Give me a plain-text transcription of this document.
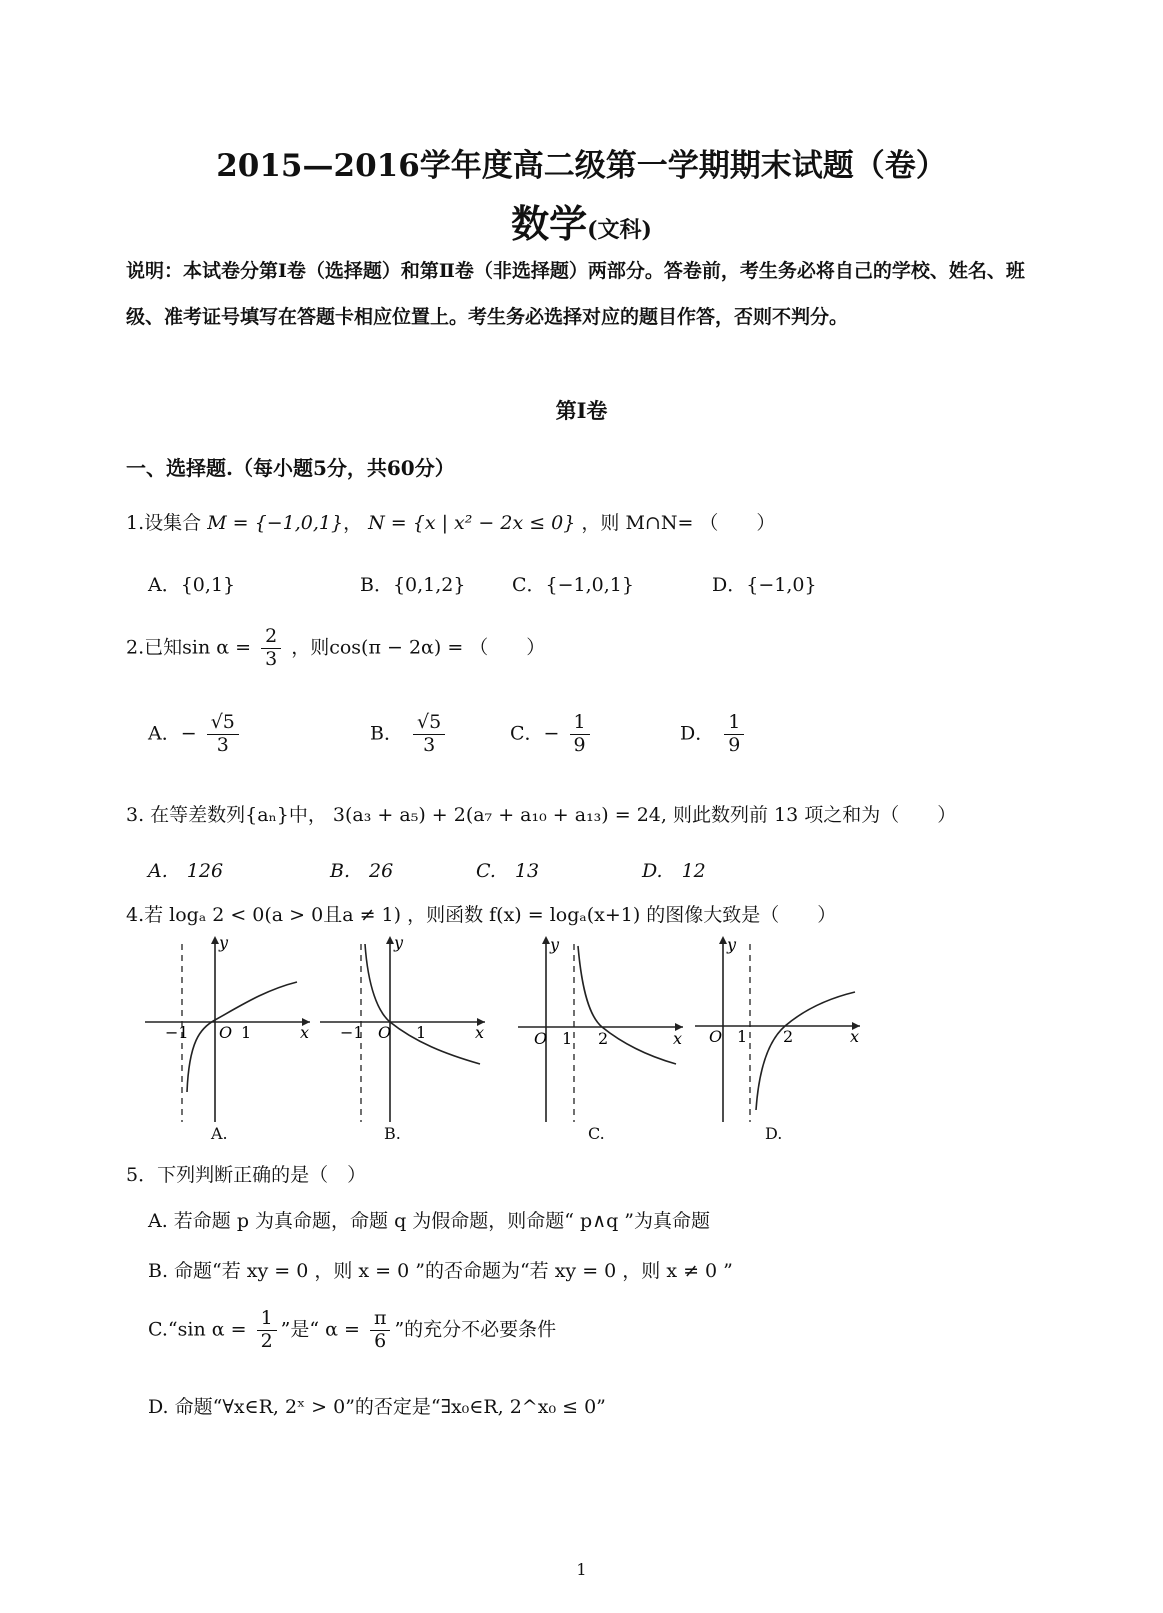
2015—2016学年度高二级第一学期期末试题（卷）
数学(文科)
说明：本试卷分第Ⅰ卷（选择题）和第Ⅱ卷（非选择题）两部分。答卷前，考生务必将自己的学校、姓名、班级、准考证号填写在答题卡相应位置上。考生务必选择对应的题目作答，否则不判分。
第Ⅰ卷
一、选择题.（每小题5分，共60分）
1.设集合 M = {−1,0,1}， N = {x | x² − 2x ≤ 0} ，则 M∩N= （　　）
A．{0,1}	B．{0,1,2} C．{−1,0,1}	D．{−1,0}
2.已知$\sin \alpha = \frac{2}{3}$ ，则cos(π − 2α) = （　　）
A．− $\frac{√5}{3}$	B． $\frac{√5}{3}$	C．− $\frac{1}{9}$	D． $\frac{1}{9}$
3. 在等差数列{aₙ}中， 3(a₃ + a₅) + 2(a₇ + a₁₀ + a₁₃) = 24, 则此数列前 13 项之和为（　　）
A.　126	B.　26	C.　13	D.　12
4.若 logₐ 2 < 0(a > 0且a ≠ 1) ，则函数 f(x) = logₐ(x+1) 的图像大致是（　　）
y
x
O 1
−1
A.
y
x
O 1
−1
B.
y
x
O 1 2
C.
y
x
O 1 2
D.
5．下列判断正确的是（　）
A. 若命题 p 为真命题，命题 q 为假命题，则命题“ p∧q ”为真命题
B. 命题“若 xy = 0 ，则 x = 0 ”的否命题为“若 xy = 0 ，则 x ≠ 0 ”
C.“sin $\alpha = \frac{1}{2}$ ”是“ $\alpha = \frac{\pi}{6}$ ”的充分不必要条件
D. 命题“∀x∈R, 2ˣ > 0”的否定是“∃x₀∈R, 2^x₀ ≤ 0”
1
